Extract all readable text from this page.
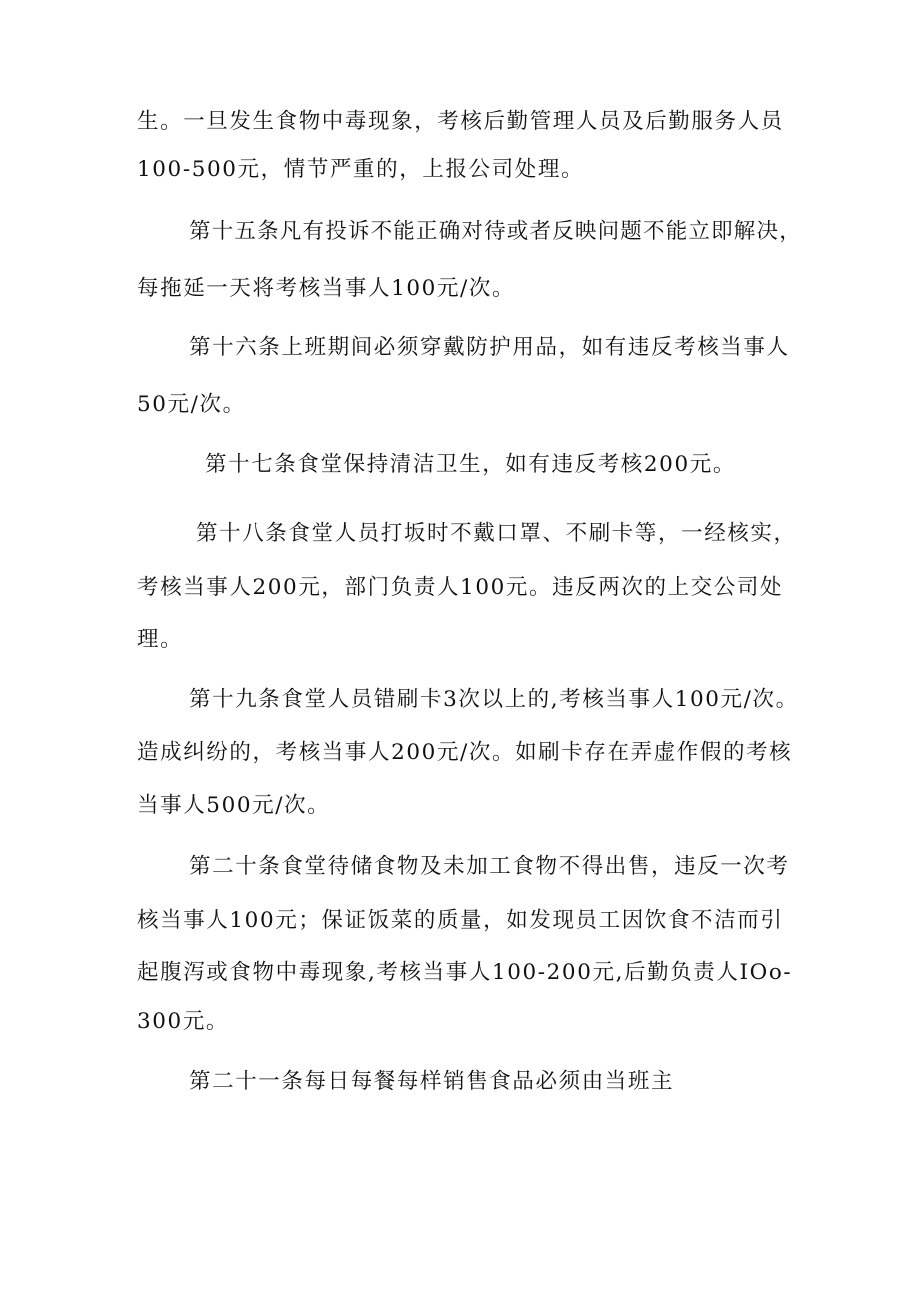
生。一旦发生食物中毒现象，考核后勤管理人员及后勤服务人员
100-500元，情节严重的，上报公司处理。
第十五条凡有投诉不能正确对待或者反映问题不能立即解决，
每拖延一天将考核当事人100元/次。
第十六条上班期间必须穿戴防护用品，如有违反考核当事人
50元/次。
第十七条食堂保持清洁卫生，如有违反考核200元。
第十八条食堂人员打坂时不戴口罩、不刷卡等，一经核实，
考核当事人200元，部门负责人100元。违反两次的上交公司处
理。
第十九条食堂人员错刷卡3次以上的,考核当事人100元/次。
造成纠纷的，考核当事人200元/次。如刷卡存在弄虚作假的考核
当事人500元/次。
第二十条食堂待储食物及未加工食物不得出售，违反一次考
核当事人100元；保证饭菜的质量，如发现员工因饮食不洁而引
起腹泻或食物中毒现象,考核当事人100-200元,后勤负责人IOo-
300元。
第二十一条每日每餐每样销售食品必须由当班主
